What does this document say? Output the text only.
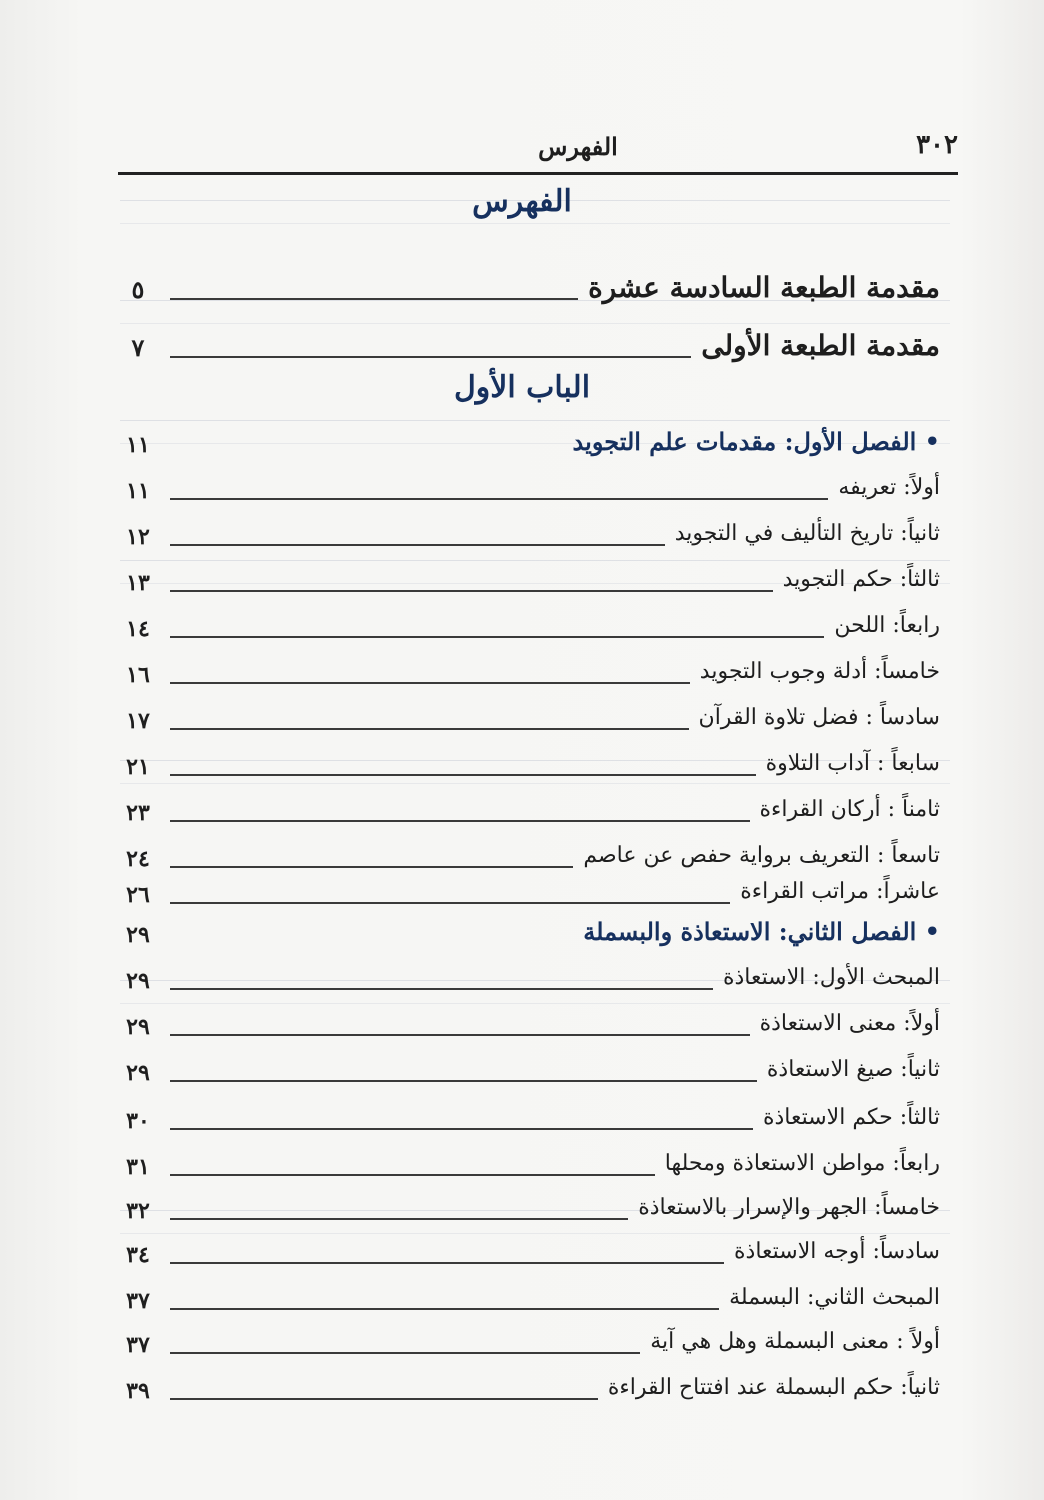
الفهرس	٣٠٢
الفهرس
مقدمة الطبعة السادسة عشرة
٥
مقدمة الطبعة الأولى
٧
الباب الأول
• الفصل الأول: مقدمات علم التجويد
١١
أولاً: تعريفه
١١
ثانياً: تاريخ التأليف في التجويد
١٢
ثالثاً: حكم التجويد
١٣
رابعاً: اللحن
١٤
خامساً: أدلة وجوب التجويد
١٦
سادساً : فضل تلاوة القرآن
١٧
سابعاً : آداب التلاوة
٢١
ثامناً : أركان القراءة
٢٣
تاسعاً : التعريف برواية حفص عن عاصم
٢٤
عاشراً: مراتب القراءة
٢٦
• الفصل الثاني: الاستعاذة والبسملة
٢٩
المبحث الأول: الاستعاذة
٢٩
أولاً: معنى الاستعاذة
٢٩
ثانياً: صيغ الاستعاذة
٢٩
ثالثاً: حكم الاستعاذة
٣٠
رابعاً: مواطن الاستعاذة ومحلها
٣١
خامساً: الجهر والإسرار بالاستعاذة
٣٢
سادساً: أوجه الاستعاذة
٣٤
المبحث الثاني: البسملة
٣٧
أولاً : معنى البسملة وهل هي آية
٣٧
ثانياً: حكم البسملة عند افتتاح القراءة
٣٩
